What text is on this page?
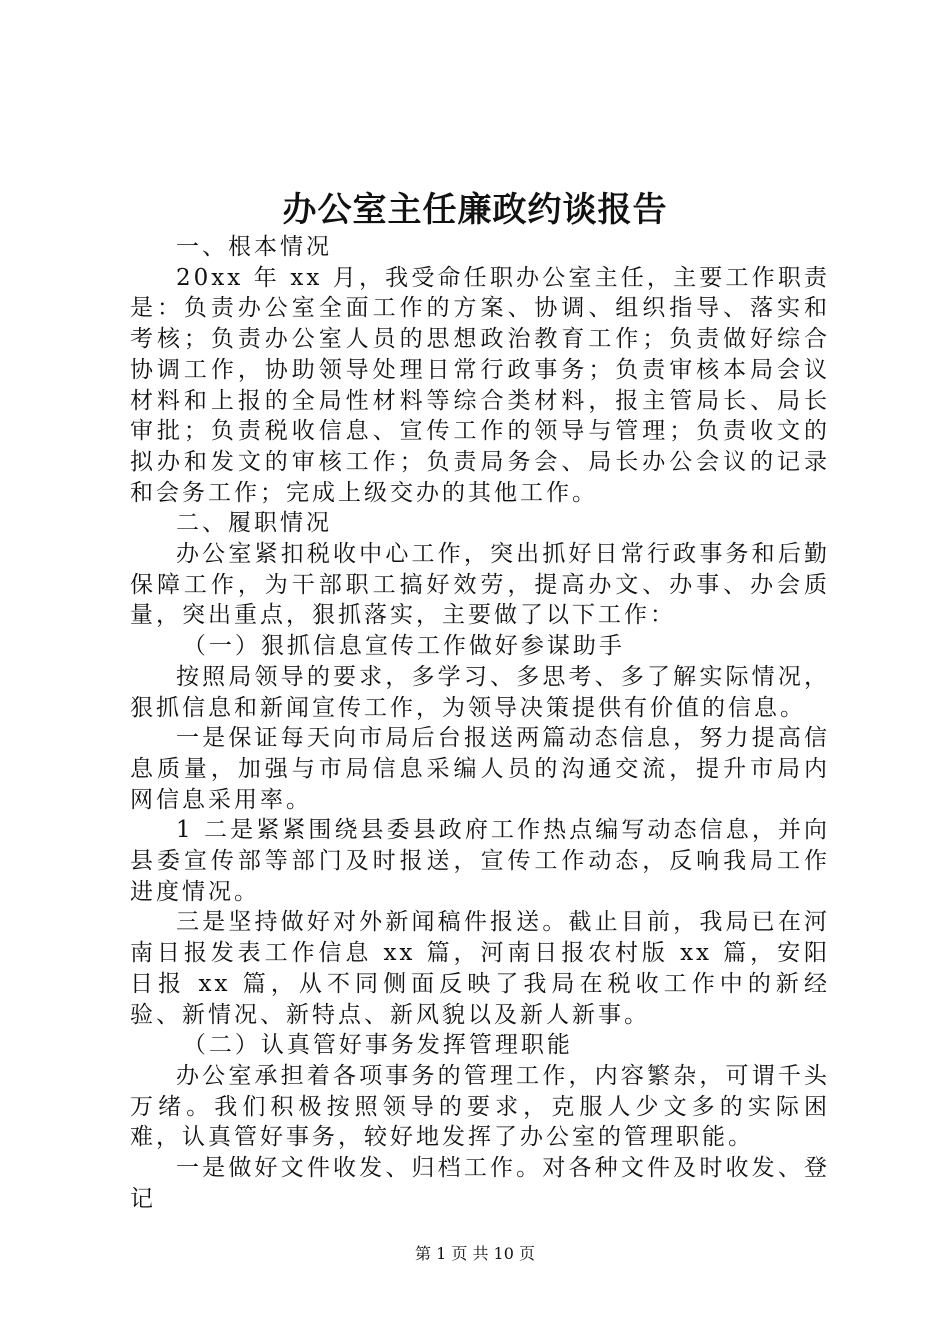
办公室主任廉政约谈报告

一、根本情况

20xx 年 xx 月，我受命任职办公室主任，主要工作职责是：负责办公室全面工作的方案、协调、组织指导、落实和考核；负责办公室人员的思想政治教育工作；负责做好综合协调工作，协助领导处理日常行政事务；负责审核本局会议材料和上报的全局性材料等综合类材料，报主管局长、局长审批；负责税收信息、宣传工作的领导与管理；负责收文的拟办和发文的审核工作；负责局务会、局长办公会议的记录和会务工作；完成上级交办的其他工作。

二、履职情况

办公室紧扣税收中心工作，突出抓好日常行政事务和后勤保障工作，为干部职工搞好效劳，提高办文、办事、办会质量，突出重点，狠抓落实，主要做了以下工作：

（一）狠抓信息宣传工作做好参谋助手

按照局领导的要求，多学习、多思考、多了解实际情况，狠抓信息和新闻宣传工作，为领导决策提供有价值的信息。

一是保证每天向市局后台报送两篇动态信息，努力提高信息质量，加强与市局信息采编人员的沟通交流，提升市局内网信息采用率。

1 二是紧紧围绕县委县政府工作热点编写动态信息，并向县委宣传部等部门及时报送，宣传工作动态，反响我局工作进度情况。

三是坚持做好对外新闻稿件报送。截止目前，我局已在河南日报发表工作信息 xx 篇，河南日报农村版 xx 篇，安阳日报 xx 篇，从不同侧面反映了我局在税收工作中的新经验、新情况、新特点、新风貌以及新人新事。

（二）认真管好事务发挥管理职能

办公室承担着各项事务的管理工作，内容繁杂，可谓千头万绪。我们积极按照领导的要求，克服人少文多的实际困难，认真管好事务，较好地发挥了办公室的管理职能。

一是做好文件收发、归档工作。对各种文件及时收发、登记

第 1 页 共 10 页
